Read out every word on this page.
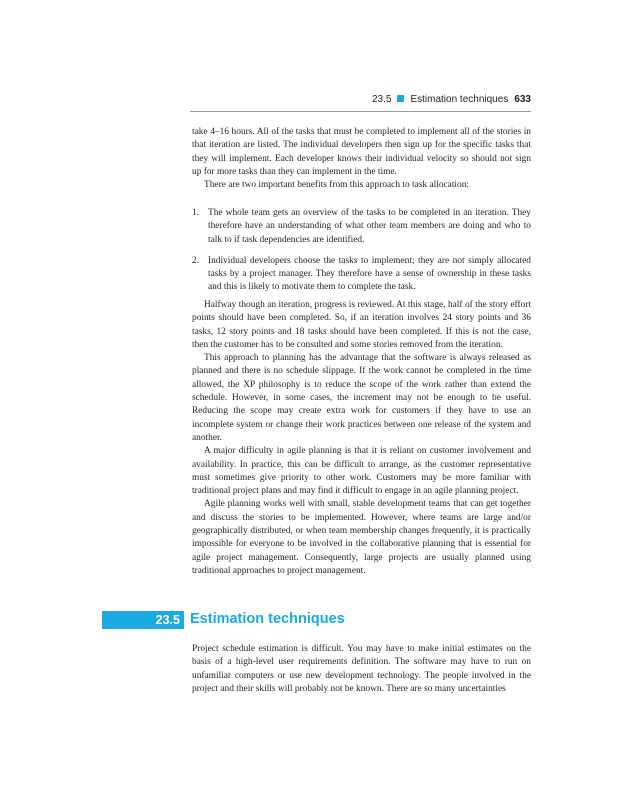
23.5 Estimation techniques 633

take 4–16 hours. All of the tasks that must be completed to implement all of the stories in that iteration are listed. The individual developers then sign up for the specific tasks that they will implement. Each developer knows their individual velocity so should not sign up for more tasks than they can implement in the time.

There are two important benefits from this approach to task allocation:

1. The whole team gets an overview of the tasks to be completed in an iteration. They therefore have an understanding of what other team members are doing and who to talk to if task dependencies are identified.
2. Individual developers choose the tasks to implement; they are not simply allocated tasks by a project manager. They therefore have a sense of ownership in these tasks and this is likely to motivate them to complete the task.

Halfway though an iteration, progress is reviewed. At this stage, half of the story effort points should have been completed. So, if an iteration involves 24 story points and 36 tasks, 12 story points and 18 tasks should have been completed. If this is not the case, then the customer has to be consulted and some stories removed from the iteration.

This approach to planning has the advantage that the software is always released as planned and there is no schedule slippage. If the work cannot be completed in the time allowed, the XP philosophy is to reduce the scope of the work rather than extend the schedule. However, in some cases, the increment may not be enough to be useful. Reducing the scope may create extra work for customers if they have to use an incomplete system or change their work practices between one release of the system and another.

A major difficulty in agile planning is that it is reliant on customer involvement and availability. In practice, this can be difficult to arrange, as the customer representative must sometimes give priority to other work. Customers may be more familiar with traditional project plans and may find it difficult to engage in an agile planning project.

Agile planning works well with small, stable development teams that can get together and discuss the stories to be implemented. However, where teams are large and/or geographically distributed, or when team membership changes frequently, it is practically impossible for everyone to be involved in the collaborative planning that is essential for agile project management. Consequently, large projects are usually planned using traditional approaches to project management.

23.5 Estimation techniques

Project schedule estimation is difficult. You may have to make initial estimates on the basis of a high-level user requirements definition. The software may have to run on unfamiliar computers or use new development technology. The people involved in the project and their skills will probably not be known. There are so many uncertainties
